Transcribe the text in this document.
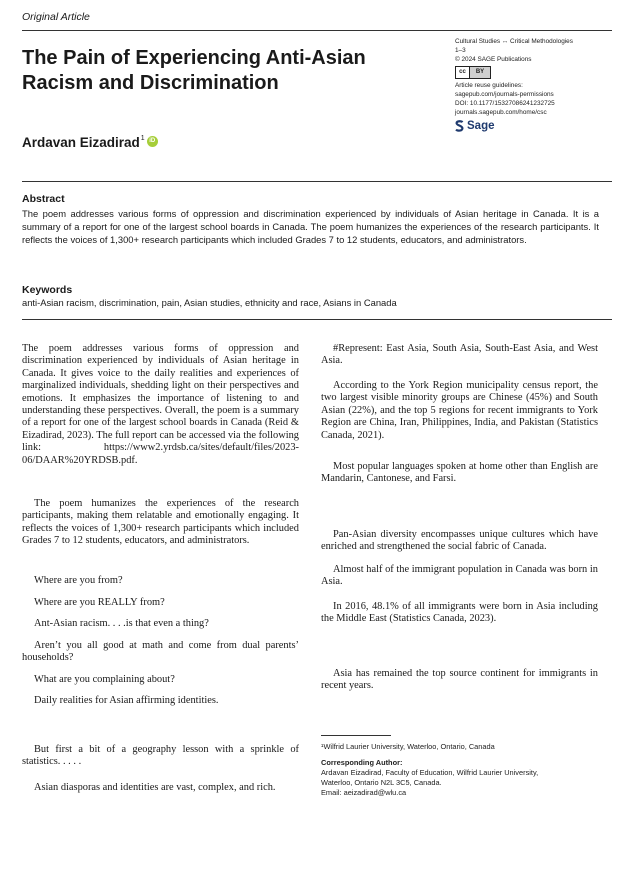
Original Article
The Pain of Experiencing Anti-Asian
Racism and Discrimination
Cultural Studies ↔ Critical Methodologies
1–3
© 2024 SAGE Publications
cc	BY
Article reuse guidelines:
sagepub.com/journals-permissions
DOI: 10.1177/15327086241232725
journals.sagepub.com/home/csc
Sage
Ardavan Eizadirad$^1$ iD
Abstract
The poem addresses various forms of oppression and discrimination experienced by individuals of Asian heritage in Canada. It is a summary of a report for one of the largest school boards in Canada. The poem humanizes the experiences of the research participants. It reflects the voices of 1,300+ research participants which included Grades 7 to 12 students, educators, and administrators.
Keywords
anti-Asian racism, discrimination, pain, Asian studies, ethnicity and race, Asians in Canada

The poem addresses various forms of oppression and discrimination experienced by individuals of Asian heritage in Canada. It gives voice to the daily realities and experiences of marginalized individuals, shedding light on their perspectives and emotions. It emphasizes the importance of listening to and understanding these perspectives. Overall, the poem is a summary of a report for one of the largest school boards in Canada (Reid & Eizadirad, 2023). The full report can be accessed via the following link: https://www2.yrdsb.ca/sites/default/files/2023-06/DAAR%20YRDSB.pdf.

The poem humanizes the experiences of the research participants, making them relatable and emotionally engaging. It reflects the voices of 1,300+ research participants which included Grades 7 to 12 students, educators, and administrators.

Where are you from?

Where are you REALLY from?

Ant-Asian racism. . . .is that even a thing?

Aren’t you all good at math and come from dual parents’ households?

What are you complaining about?

Daily realities for Asian affirming identities.

But first a bit of a geography lesson with a sprinkle of statistics. . . . .

Asian diasporas and identities are vast, complex, and rich.

#Represent: East Asia, South Asia, South-East Asia, and West Asia.

According to the York Region municipality census report, the two largest visible minority groups are Chinese (45%) and South Asian (22%), and the top 5 regions for recent immigrants to York Region are China, Iran, Philippines, India, and Pakistan (Statistics Canada, 2021).

Most popular languages spoken at home other than English are Mandarin, Cantonese, and Farsi.

Pan-Asian diversity encompasses unique cultures which have enriched and strengthened the social fabric of Canada.

Almost half of the immigrant population in Canada was born in Asia.

In 2016, 48.1% of all immigrants were born in Asia including the Middle East (Statistics Canada, 2023).

Asia has remained the top source continent for immigrants in recent years.

¹Wilfrid Laurier University, Waterloo, Ontario, Canada
Corresponding Author:
Ardavan Eizadirad, Faculty of Education, Wilfrid Laurier University,
Waterloo, Ontario N2L 3C5, Canada.
Email: aeizadirad@wlu.ca
